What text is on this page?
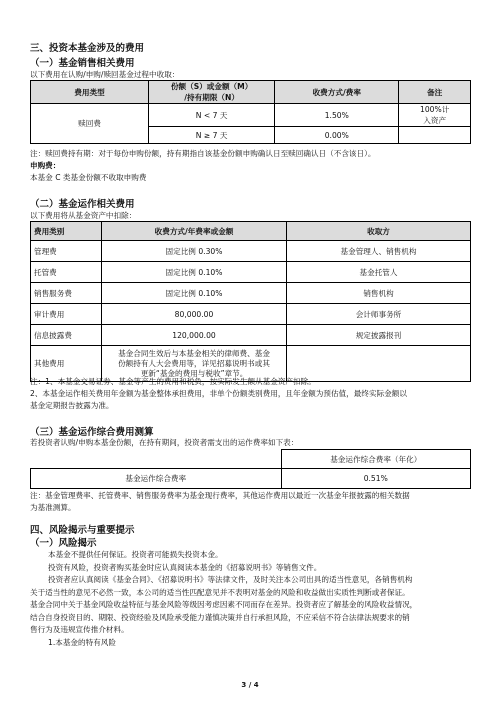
三、投资本基金涉及的费用
（一）基金销售相关费用
以下费用在认购/申购/赎回基金过程中收取：
费用类型	份额（S）或金额（M）
/持有期限（N）	收费方式/费率	备注
赎回费	N < 7 天	1.50%	100%计
入资产

	N ≥ 7 天	0.00%	
注：赎回费持有期：对于每份申购份额，持有期指自该基金份额申购确认日至赎回确认日（不含该日）。
申购费：
本基金 C 类基金份额不收取申购费
（二）基金运作相关费用
以下费用将从基金资产中扣除：
费用类别	收费方式/年费率或金额	收取方
管理费	固定比例 0.30%	基金管理人、销售机构
托管费	固定比例 0.10%	基金托管人
销售服务费	固定比例 0.10%	销售机构
审计费用	80,000.00	会计师事务所
信息披露费	120,000.00	规定披露报刊
其他费用	基金合同生效后与本基金相关的律师费、基金
份额持有人大会费用等，详见招募说明书或其
更新“基金的费用与税收”章节。	

注：1、本基金交易证券、基金等产生的费用和税负，按实际发生额从基金资产扣除。
2、本基金运作相关费用年金额为基金整体承担费用，非单个份额类别费用，且年金额为预估值，最终实际金额以
基金定期报告披露为准。
（三）基金运作综合费用测算
若投资者认购/申购本基金份额，在持有期间，投资者需支出的运作费率如下表：
	基金运作综合费率（年化）
基金运作综合费率	0.51%
注：基金管理费率、托管费率、销售服务费率为基金现行费率，其他运作费用以最近一次基金年报披露的相关数据
为基准测算。
四、风险揭示与重要提示
（一）风险揭示
本基金不提供任何保证。投资者可能损失投资本金。
投资有风险，投资者购买基金时应认真阅读本基金的《招募说明书》等销售文件。
投资者应认真阅读《基金合同》、《招募说明书》等法律文件，及时关注本公司出具的适当性意见，各销售机构
关于适当性的意见不必然一致，本公司的适当性匹配意见并不表明对基金的风险和收益做出实质性判断或者保证。
基金合同中关于基金风险收益特征与基金风险等级因考虑因素不同而存在差异。投资者应了解基金的风险收益情况，
结合自身投资目的、期限、投资经验及风险承受能力谨慎决策并自行承担风险，不应采信不符合法律法规要求的销
售行为及违规宣传推介材料。
1.本基金的特有风险
3 / 4
